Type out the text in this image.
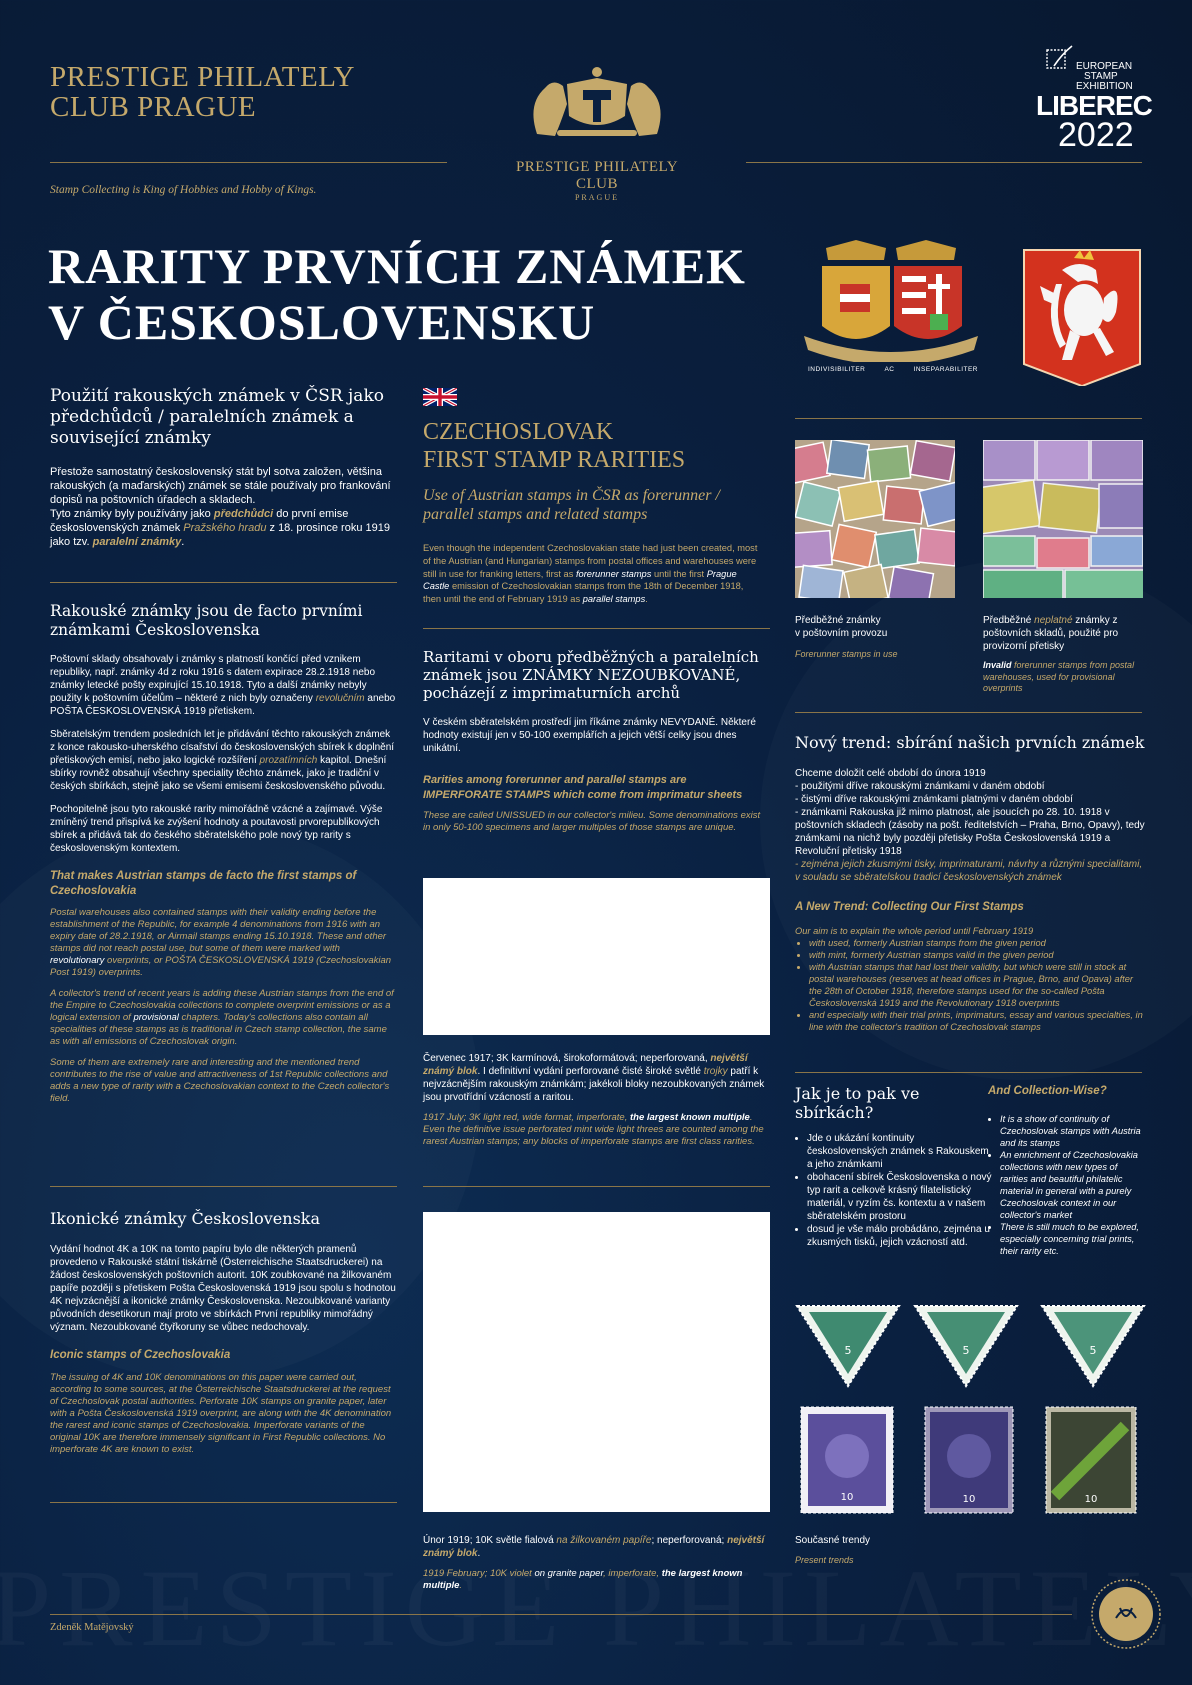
PRESTIGE PHILATELY
CLUB PRAGUE
PRESTIGE PHILATELY CLUB
PRAGUE
EUROPEAN
STAMP
EXHIBITION
LIBEREC
2022
Stamp Collecting is King of Hobbies and Hobby of Kings.
RARITY PRVNÍCH ZNÁMEK
V ČESKOSLOVENSKU
INDIVISIBILITER	AC	INSEPARABILITER
Použití rakouských známek v ČSR jako předchůdců / paralelních známek a související známky
Přestože samostatný československý stát byl sotva založen, většina rakouských (a maďarských) známek se stále používaly pro frankování dopisů na poštovních úřadech a skladech.
Tyto známky byly používány jako předchůdci do první emise československých známek Pražského hradu z 18. prosince roku 1919 jako tzv. paralelní známky.
Rakouské známky jsou de facto prvními známkami Československa
Poštovní sklady obsahovaly i známky s platností končící před vznikem republiky, např. známky 4d z roku 1916 s datem expirace 28.2.1918 nebo známky letecké pošty expirující 15.10.1918. Tyto a další známky nebyly použity k poštovním účelům – některé z nich byly označeny revolučním anebo POŠTA ČESKOSLOVENSKÁ 1919 přetiskem.
Sběratelským trendem posledních let je přidávání těchto rakouských známek z konce rakousko-uherského císařství do československých sbírek k doplnění přetiskových emisí, nebo jako logické rozšíření prozatímních kapitol. Dnešní sbírky rovněž obsahují všechny speciality těchto známek, jako je tradiční v českých sbírkách, stejně jako se všemi emisemi československého původu.
Pochopitelně jsou tyto rakouské rarity mimořádně vzácné a zajímavé. Výše zmíněný trend přispívá ke zvýšení hodnoty a poutavosti prvorepublikových sbírek a přidává tak do českého sběratelského pole nový typ rarity s československým kontextem.
That makes Austrian stamps de facto the first stamps of Czechoslovakia
Postal warehouses also contained stamps with their validity ending before the establishment of the Republic, for example 4 denominations from 1916 with an expiry date of 28.2.1918, or Airmail stamps ending 15.10.1918. These and other stamps did not reach postal use, but some of them were marked with revolutionary overprints, or POŠTA ČESKOSLOVENSKÁ 1919 (Czechoslovakian Post 1919) overprints.
A collector's trend of recent years is adding these Austrian stamps from the end of the Empire to Czechoslovakia collections to complete overprint emissions or as a logical extension of provisional chapters. Today's collections also contain all specialities of these stamps as is traditional in Czech stamp collection, the same as with all emissions of Czechoslovak origin.
Some of them are extremely rare and interesting and the mentioned trend contributes to the rise of value and attractiveness of 1st Republic collections and adds a new type of rarity with a Czechoslovakian context to the Czech collector's field.
Ikonické známky Československa
Vydání hodnot 4K a 10K na tomto papíru bylo dle některých pramenů provedeno v Rakouské státní tiskárně (Österreichische Staatsdruckerei) na žádost československých poštovních autorit. 10K zoubkované na žilkovaném papíře později s přetiskem Pošta Československá 1919 jsou spolu s hodnotou 4K nejvzácnější a ikonické známky Československa. Nezoubkované varianty původních desetikorun mají proto ve sbírkách První republiky mimořádný význam. Nezoubkované čtyřkoruny se vůbec nedochovaly.
Iconic stamps of Czechoslovakia
The issuing of 4K and 10K denominations on this paper were carried out, according to some sources, at the Österreichische Staatsdruckerei at the request of Czechoslovak postal authorities. Perforate 10K stamps on granite paper, later with a Pošta Československá 1919 overprint, are along with the 4K denomination the rarest and iconic stamps of Czechoslovakia. Imperforate variants of the original 10K are therefore immensely significant in First Republic collections. No imperforate 4K are known to exist.
CZECHOSLOVAK
FIRST STAMP RARITIES
Use of Austrian stamps in ČSR as forerunner / parallel stamps and related stamps
Even though the independent Czechoslovakian state had just been created, most of the Austrian (and Hungarian) stamps from postal offices and warehouses were still in use for franking letters, first as forerunner stamps until the first Prague Castle emission of Czechoslovakian stamps from the 18th of December 1918, then until the end of February 1919 as parallel stamps.
Raritami v oboru předběžných a paralelních známek jsou ZNÁMKY NEZOUBKOVANÉ, pocházejí z imprimaturních archů
V českém sběratelském prostředí jim říkáme známky NEVYDANÉ. Některé hodnoty existují jen v 50-100 exemplářích a jejich větší celky jsou dnes unikátní.
Rarities among forerunner and parallel stamps are IMPERFORATE STAMPS which come from imprimatur sheets
These are called UNISSUED in our collector's milieu. Some denominations exist in only 50-100 specimens and larger multiples of those stamps are unique.
Červenec 1917; 3K karmínová, širokoformátová; neperforovaná, největší známý blok. I definitivní vydání perforované čisté široké světlé trojky patří k nejvzácnějším rakouským známkám; jakékoli bloky nezoubkovaných známek jsou prvotřídní vzácností a raritou.
1917 July; 3K light red, wide format, imperforate, the largest known multiple. Even the definitive issue perforated mint wide light threes are counted among the rarest Austrian stamps; any blocks of imperforate stamps are first class rarities.
Únor 1919; 10K světle fialová na žilkovaném papíře; neperforovaná; největší známý blok.
1919 February; 10K violet on granite paper, imperforate, the largest known multiple.
Předběžné známky
v poštovním provozu
Forerunner stamps in use
Předběžné neplatné známky z poštovních skladů, použité pro provizorní přetisky
Invalid forerunner stamps from postal warehouses, used for provisional overprints
Nový trend: sbírání našich prvních známek
Chceme doložit celé období do února 1919
- použitými dříve rakouskými známkami v daném období
- čistými dříve rakouskými známkami platnými v daném období
- známkami Rakouska již mimo platnost, ale jsoucích po 28. 10. 1918 v poštovních skladech (zásoby na pošt. ředitelstvích – Praha, Brno, Opavy), tedy známkami na nichž byly později přetisky Pošta Československá 1919 a Revoluční přetisky 1918
- zejména jejich zkusmými tisky, imprimaturami, návrhy a různými specialitami, v souladu se sběratelskou tradicí československých známek
A New Trend: Collecting Our First Stamps
Our aim is to explain the whole period until February 1919
• with used, formerly Austrian stamps from the given period
• with mint, formerly Austrian stamps valid in the given period
• with Austrian stamps that had lost their validity, but which were still in stock at postal warehouses (reserves at head offices in Prague, Brno, and Opava) after the 28th of October 1918, therefore stamps used for the so-called Pošta Československá 1919 and the Revolutionary 1918 overprints
• and especially with their trial prints, imprimaturs, essay and various specialties, in line with the collector's tradition of Czechoslovak stamps
Jak je to pak ve sbírkách?
• Jde o ukázání kontinuity československých známek s Rakouskem a jeho známkami
• obohacení sbírek Československa o nový typ rarit a celkově krásný filatelistický materiál, v ryzím čs. kontextu a v našem sběratelském prostoru
• dosud je vše málo probádáno, zejména u zkusmých tisků, jejich vzácností atd.
And Collection-Wise?
• It is a show of continuity of Czechoslovak stamps with Austria and its stamps
• An enrichment of Czechoslovakia collections with new types of rarities and beautiful philatelic material in general with a purely Czechoslovak context in our collector's market
• There is still much to be explored, especially concerning trial prints, their rarity etc.
5	5	5
10	10	10
Současné trendy
Present trends
Zdeněk Matějovský
